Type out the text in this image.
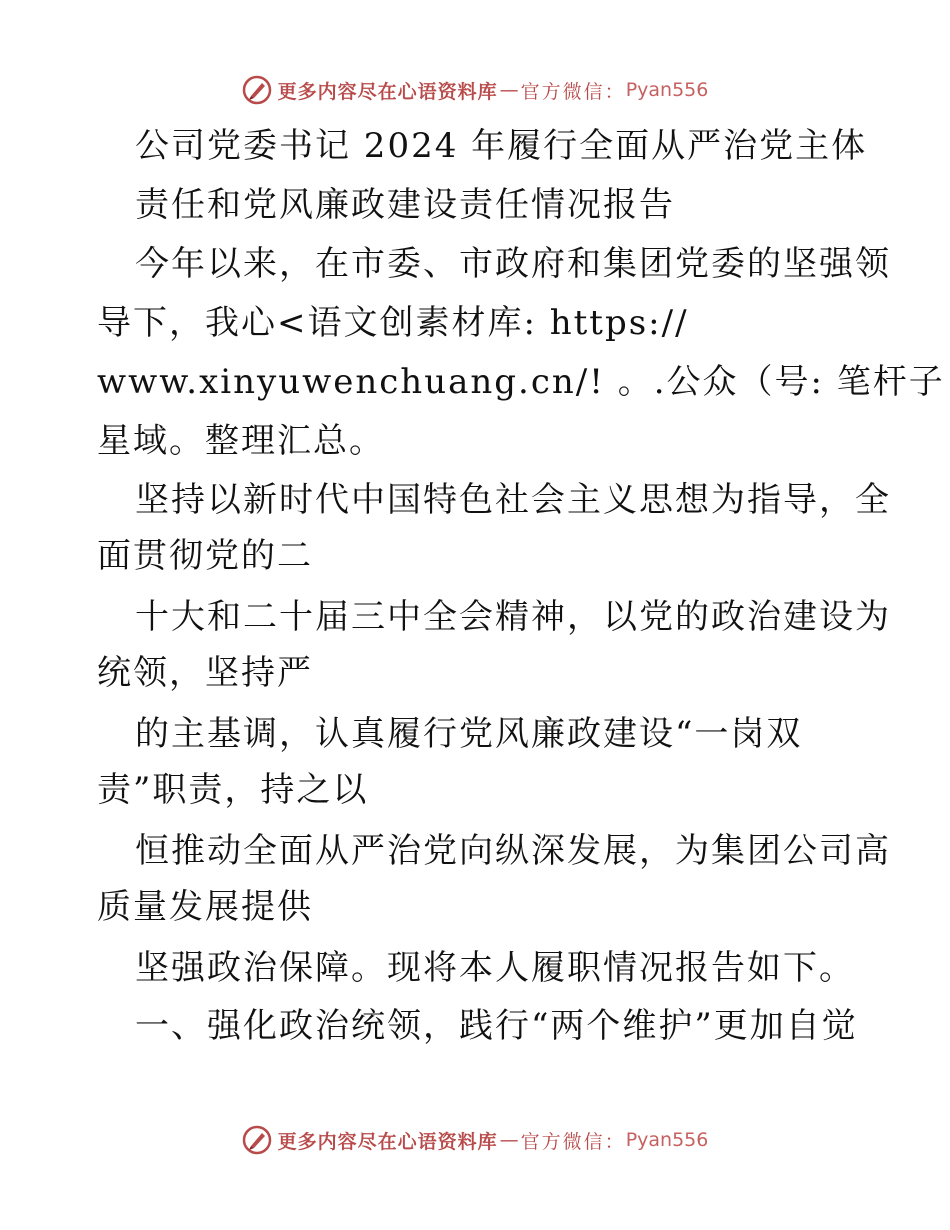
更多内容尽在心语资料库 — 官方微信： Pyan556
公司党委书记 2024 年履行全面从严治党主体
责任和党风廉政建设责任情况报告
今年以来，在市委、市政府和集团党委的坚强领
导下，我心<语文创素材库: https://
www.xinyuwenchuang.cn/! 。.公众（号: 笔杆子
星域。整理汇总。
坚持以新时代中国特色社会主义思想为指导，全
面贯彻党的二
十大和二十届三中全会精神，以党的政治建设为
统领，坚持严
的主基调，认真履行党风廉政建设“一岗双
责”职责，持之以
恒推动全面从严治党向纵深发展，为集团公司高
质量发展提供
坚强政治保障。现将本人履职情况报告如下。
一、强化政治统领，践行“两个维护”更加自觉
更多内容尽在心语资料库 — 官方微信： Pyan556
